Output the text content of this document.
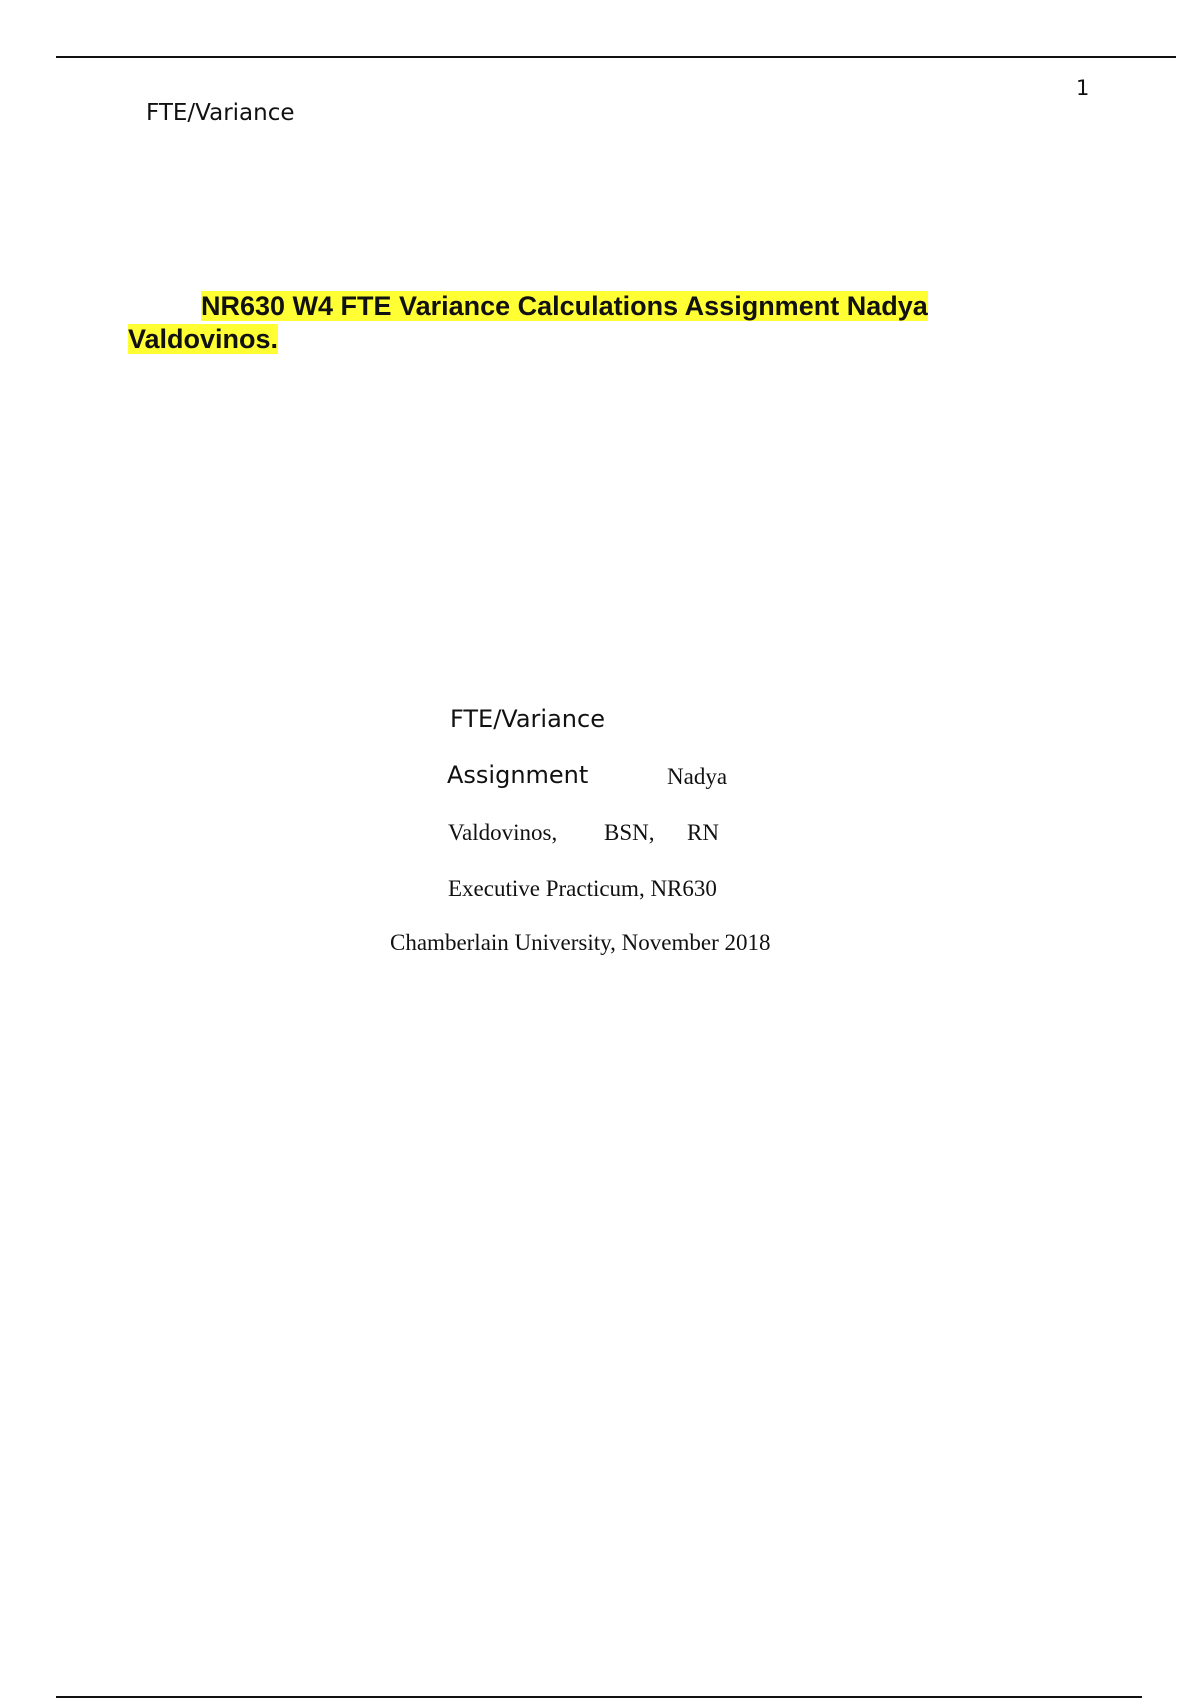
FTE/Variance
1
NR630 W4 FTE Variance Calculations Assignment Nadya Valdovinos.
FTE/Variance
Assignment	Nadya
Valdovinos, BSN, RN
Executive Practicum, NR630
Chamberlain University, November 2018
